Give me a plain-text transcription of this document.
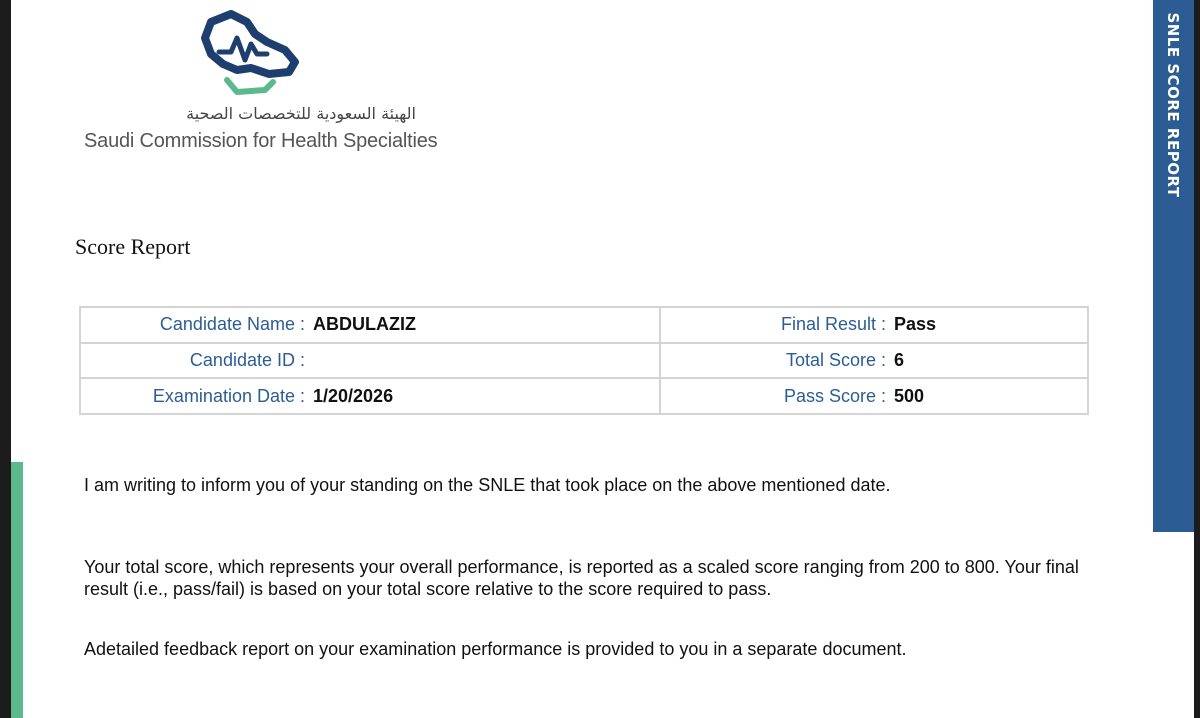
SNLE SCORE REPORT
الهيئة السعودية للتخصصات الصحية
Saudi Commission for Health Specialties
Score Report
Candidate Name : ABDULAZIZ	Final Result : Pass

Candidate ID :	Total Score : 6

Examination Date : 1/20/2026	Pass Score : 500
I am writing to inform you of your standing on the SNLE that took place on the above mentioned date.
Your total score, which represents your overall performance, is reported as a scaled score ranging from 200 to 800. Your final result (i.e., pass/fail) is based on your total score relative to the score required to pass.
Adetailed feedback report on your examination performance is provided to you in a separate document.
